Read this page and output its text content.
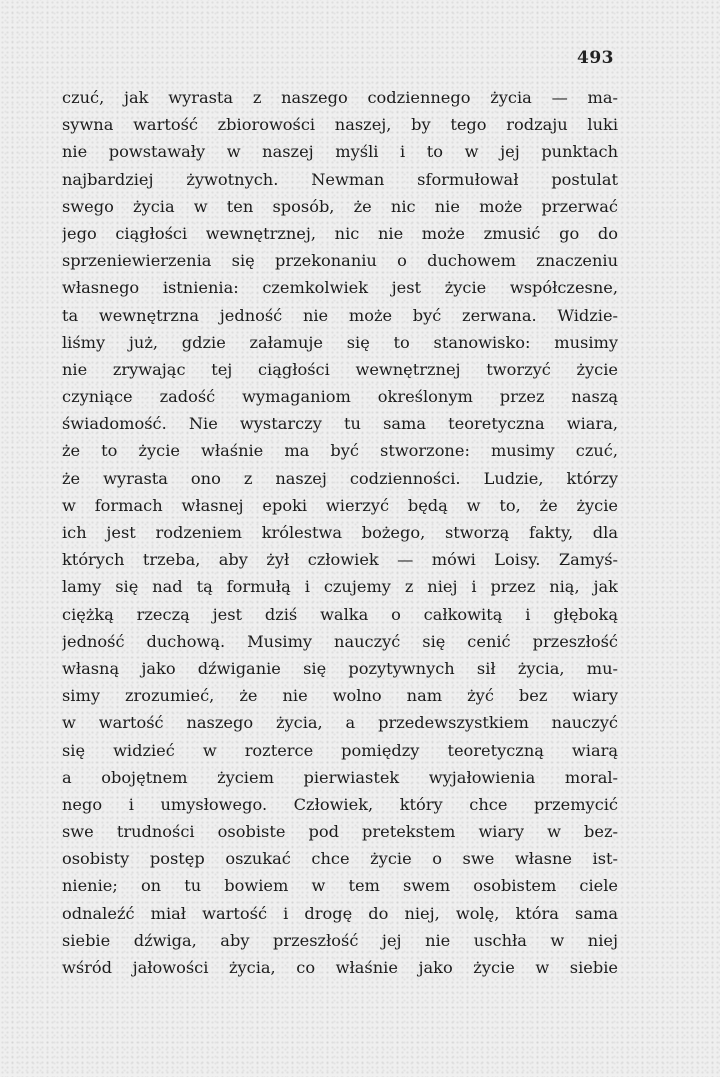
493
czuć, jak wyrasta z naszego codziennego życia — ma-
sywna wartość zbiorowości naszej, by tego rodzaju luki
nie powstawały w naszej myśli i to w jej punktach
najbardziej żywotnych. Newman sformułował postulat
swego życia w ten sposób, że nic nie może przerwać
jego ciągłości wewnętrznej, nic nie może zmusić go do
sprzeniewierzenia się przekonaniu o duchowem znaczeniu
własnego istnienia: czemkolwiek jest życie współczesne,
ta wewnętrzna jedność nie może być zerwana. Widzie-
liśmy już, gdzie załamuje się to stanowisko: musimy
nie zrywając tej ciągłości wewnętrznej tworzyć życie
czyniące zadość wymaganiom określonym przez naszą
świadomość. Nie wystarczy tu sama teoretyczna wiara,
że to życie właśnie ma być stworzone: musimy czuć,
że wyrasta ono z naszej codzienności. Ludzie, którzy
w formach własnej epoki wierzyć będą w to, że życie
ich jest rodzeniem królestwa bożego, stworzą fakty, dla
których trzeba, aby żył człowiek — mówi Loisy. Zamyś-
lamy się nad tą formułą i czujemy z niej i przez nią, jak
ciężką rzeczą jest dziś walka o całkowitą i głęboką
jedność duchową. Musimy nauczyć się cenić przeszłość
własną jako dźwiganie się pozytywnych sił życia, mu-
simy zrozumieć, że nie wolno nam żyć bez wiary
w wartość naszego życia, a przedewszystkiem nauczyć
się widzieć w rozterce pomiędzy teoretyczną wiarą
a obojętnem życiem pierwiastek wyjałowienia moral-
nego i umysłowego. Człowiek, który chce przemycić
swe trudności osobiste pod pretekstem wiary w bez-
osobisty postęp oszukać chce życie o swe własne ist-
nienie; on tu bowiem w tem swem osobistem ciele
odnaleźć miał wartość i drogę do niej, wolę, która sama
siebie dźwiga, aby przeszłość jej nie uschła w niej
wśród jałowości życia, co właśnie jako życie w siebie
